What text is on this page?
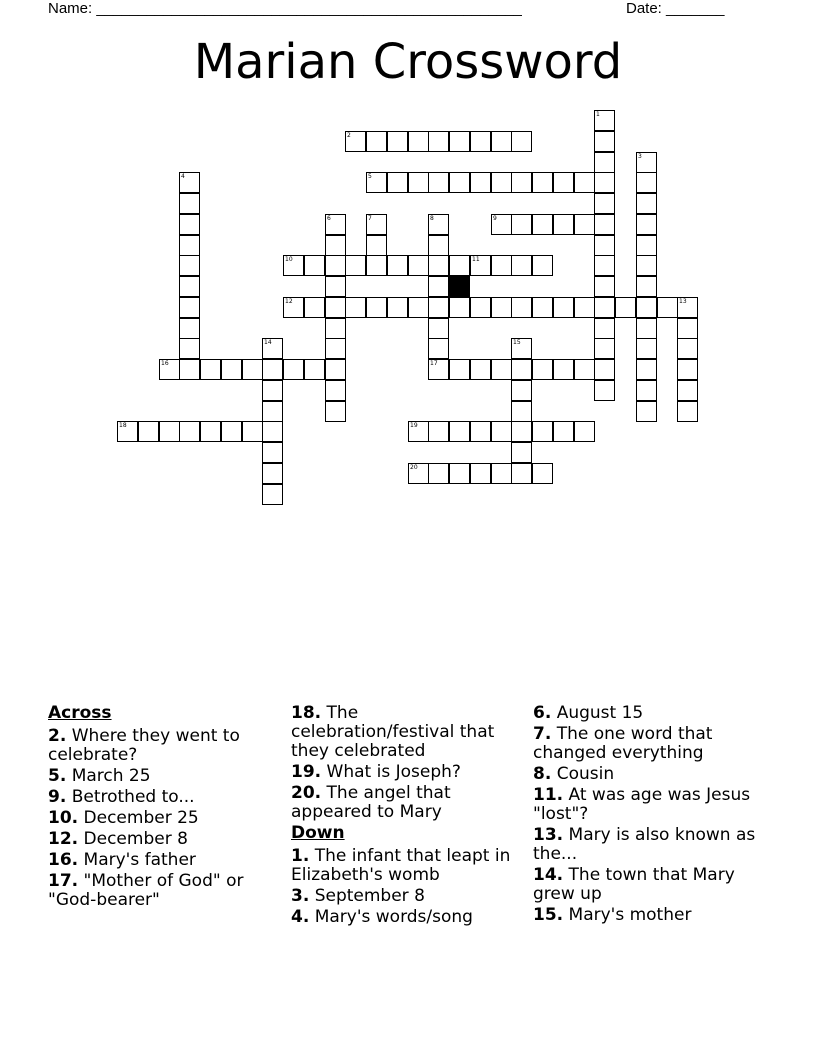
Name: ___________________________________________________	Date: _______
Marian Crossword
1
2
3
4	5
6	7	8
17
9
10	11
12	13
14	15
16
18	19
20
Across
2. Where they went to celebrate?
5. March 25
9. Betrothed to...
10. December 25
12. December 8
16. Mary's father
17. "Mother of God" or "God-bearer"
18. The celebration/festival that they celebrated
19. What is Joseph?
20. The angel that appeared to Mary
Down
1. The infant that leapt in Elizabeth's womb
3. September 8
4. Mary's words/song
6. August 15
7. The one word that changed everything
8. Cousin
11. At was age was Jesus "lost"?
13. Mary is also known as the...
14. The town that Mary grew up
15. Mary's mother
